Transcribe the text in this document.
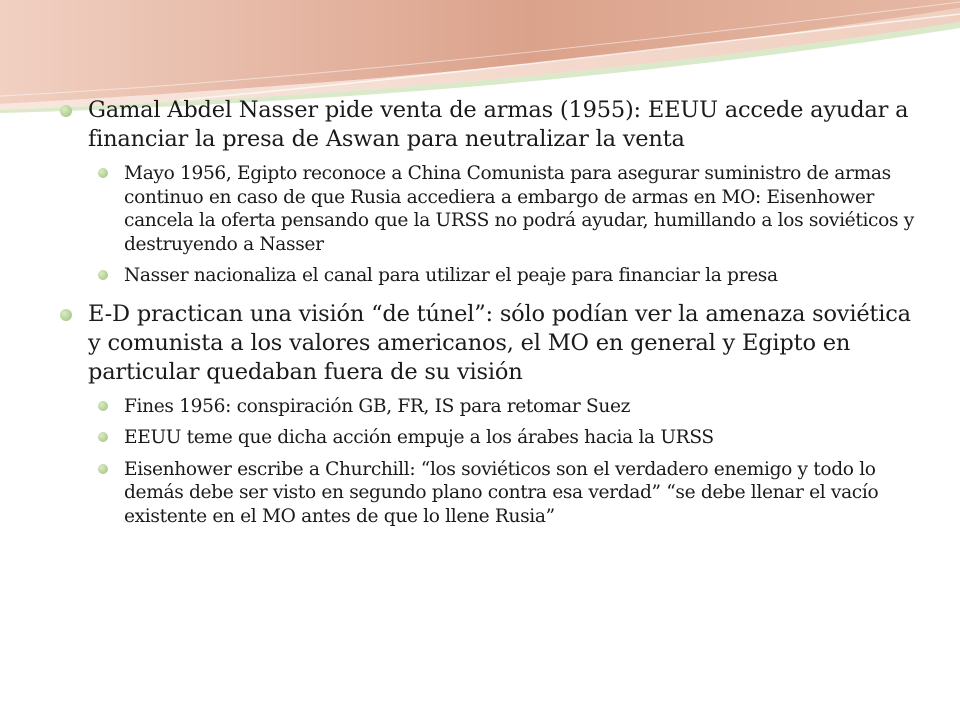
Gamal Abdel Nasser pide venta de armas (1955): EEUU accede ayudar a financiar la presa de Aswan para neutralizar la venta
Mayo 1956, Egipto reconoce a China Comunista para asegurar suministro de armas continuo en caso de que Rusia accediera a embargo de armas en MO: Eisenhower cancela la oferta pensando que la URSS no podrá ayudar, humillando a los soviéticos y destruyendo a Nasser
Nasser nacionaliza el canal para utilizar el peaje para financiar la presa
E-D practican una visión “de túnel”: sólo podían ver la amenaza soviética y comunista a los valores americanos, el MO en general y Egipto en particular quedaban fuera de su visión
Fines 1956: conspiración GB, FR, IS para retomar Suez
EEUU teme que dicha acción empuje a los árabes hacia la URSS
Eisenhower escribe a Churchill: “los soviéticos son el verdadero enemigo y todo lo demás debe ser visto en segundo plano contra esa verdad” “se debe llenar el vacío existente en el MO antes de que lo llene Rusia”
